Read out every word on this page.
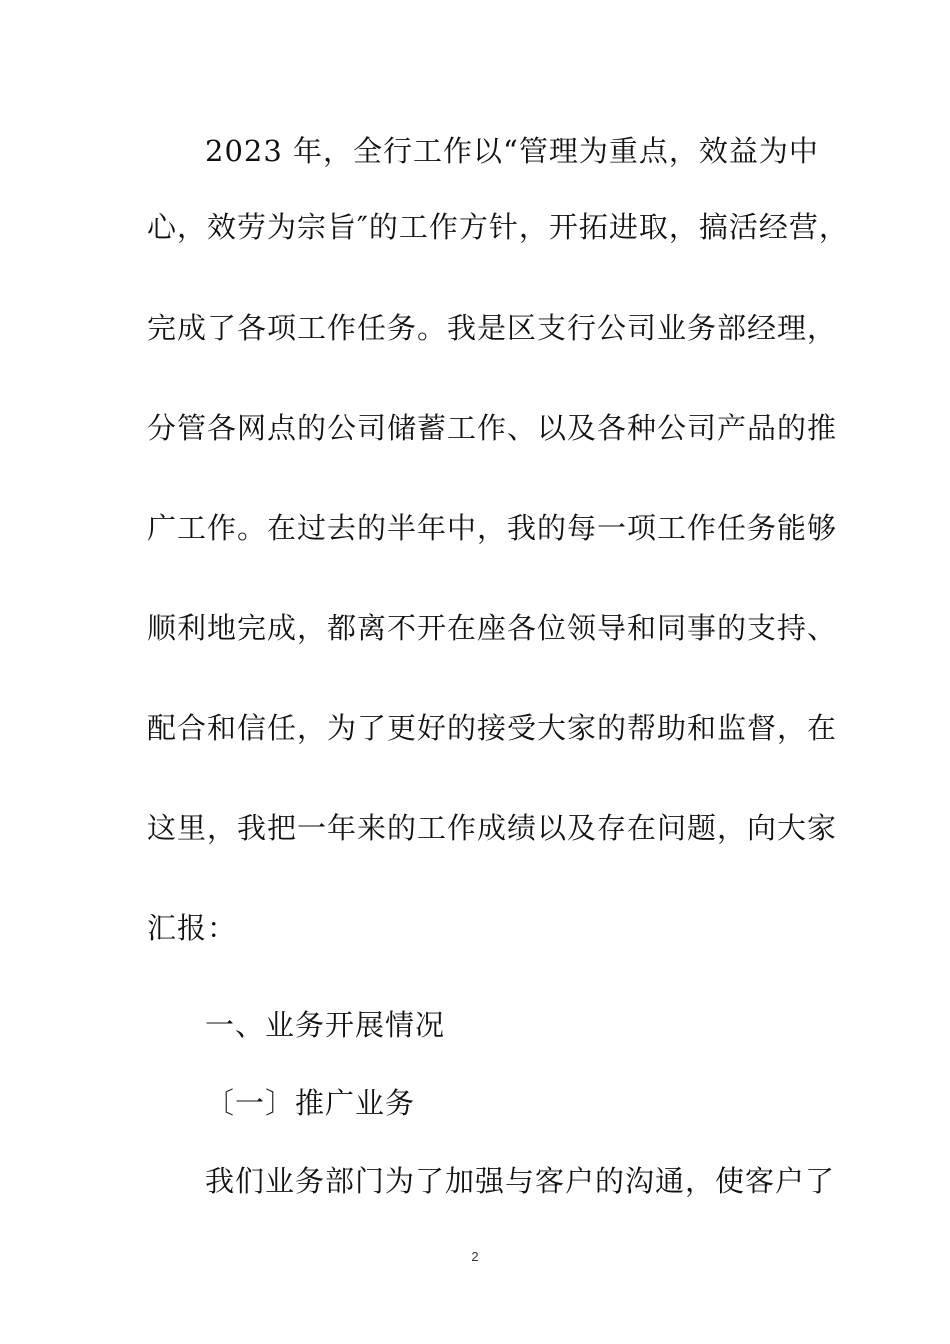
2023 年，全行工作以“管理为重点，效益为中
心，效劳为宗旨″的工作方针，开拓进取，搞活经营，
完成了各项工作任务。我是区支行公司业务部经理，
分管各网点的公司储蓄工作、以及各种公司产品的推
广工作。在过去的半年中，我的每一项工作任务能够
顺利地完成，都离不开在座各位领导和同事的支持、
配合和信任，为了更好的接受大家的帮助和监督，在
这里，我把一年来的工作成绩以及存在问题，向大家
汇报：
一、业务开展情况
〔一〕推广业务
我们业务部门为了加强与客户的沟通，使客户了
2
